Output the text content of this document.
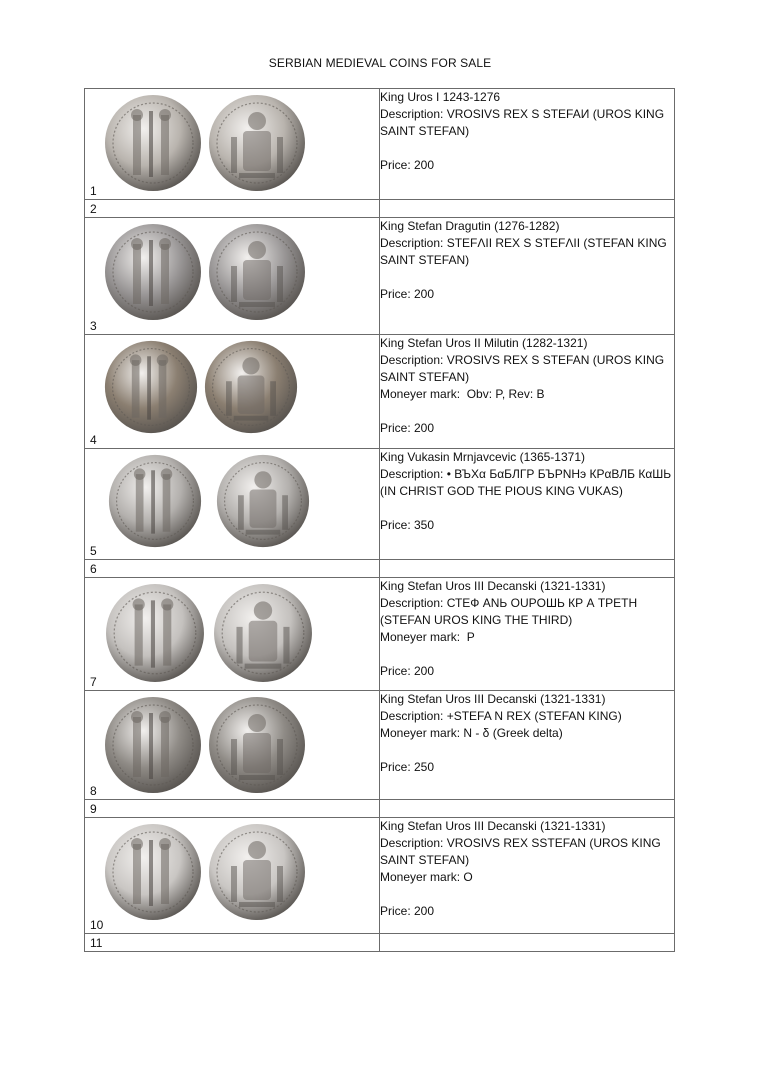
SERBIAN MEDIEVAL COINS FOR SALE
1	King Uros I 1243-1276
Description: VROSIVS REX S STEFAИ (UROS KING SAINT STEFAN)
Price: 200

2	

3	King Stefan Dragutin (1276-1282)
Description: STEFΛII REX S STEFΛII (STEFAN KING SAINT STEFAN)
Price: 200

4	King Stefan Uros II Milutin (1282-1321)
Description: VROSIVS REX S STEFAN (UROS KING SAINT STEFAN)
Moneyer mark:  Obv: P, Rev: B
Price: 200

5	King Vukasin Mrnjavcevic (1365-1371)
Description: • ВЪХα БαБЛГР БЪРNНэ КРαВЛБ КαШЬ (IN CHRIST GOD THE PIOUS KING VUKAS)
Price: 350

6	

7	King Stefan Uros III Decanski (1321-1331)
Description: СТЕФ ANЬ OUPOШЬ КР А ТРЕТН (STEFAN UROS KING THE THIRD)
Moneyer mark:  P
Price: 200

8	King Stefan Uros III Decanski (1321-1331)
Description: +STEFA N REX (STEFAN KING)
Moneyer mark: N - δ (Greek delta)
Price: 250

9	

10	King Stefan Uros III Decanski (1321-1331)
Description: VROSIVS REX SSTEFAN (UROS KING SAINT STEFAN)
Moneyer mark: O
Price: 200

11	
